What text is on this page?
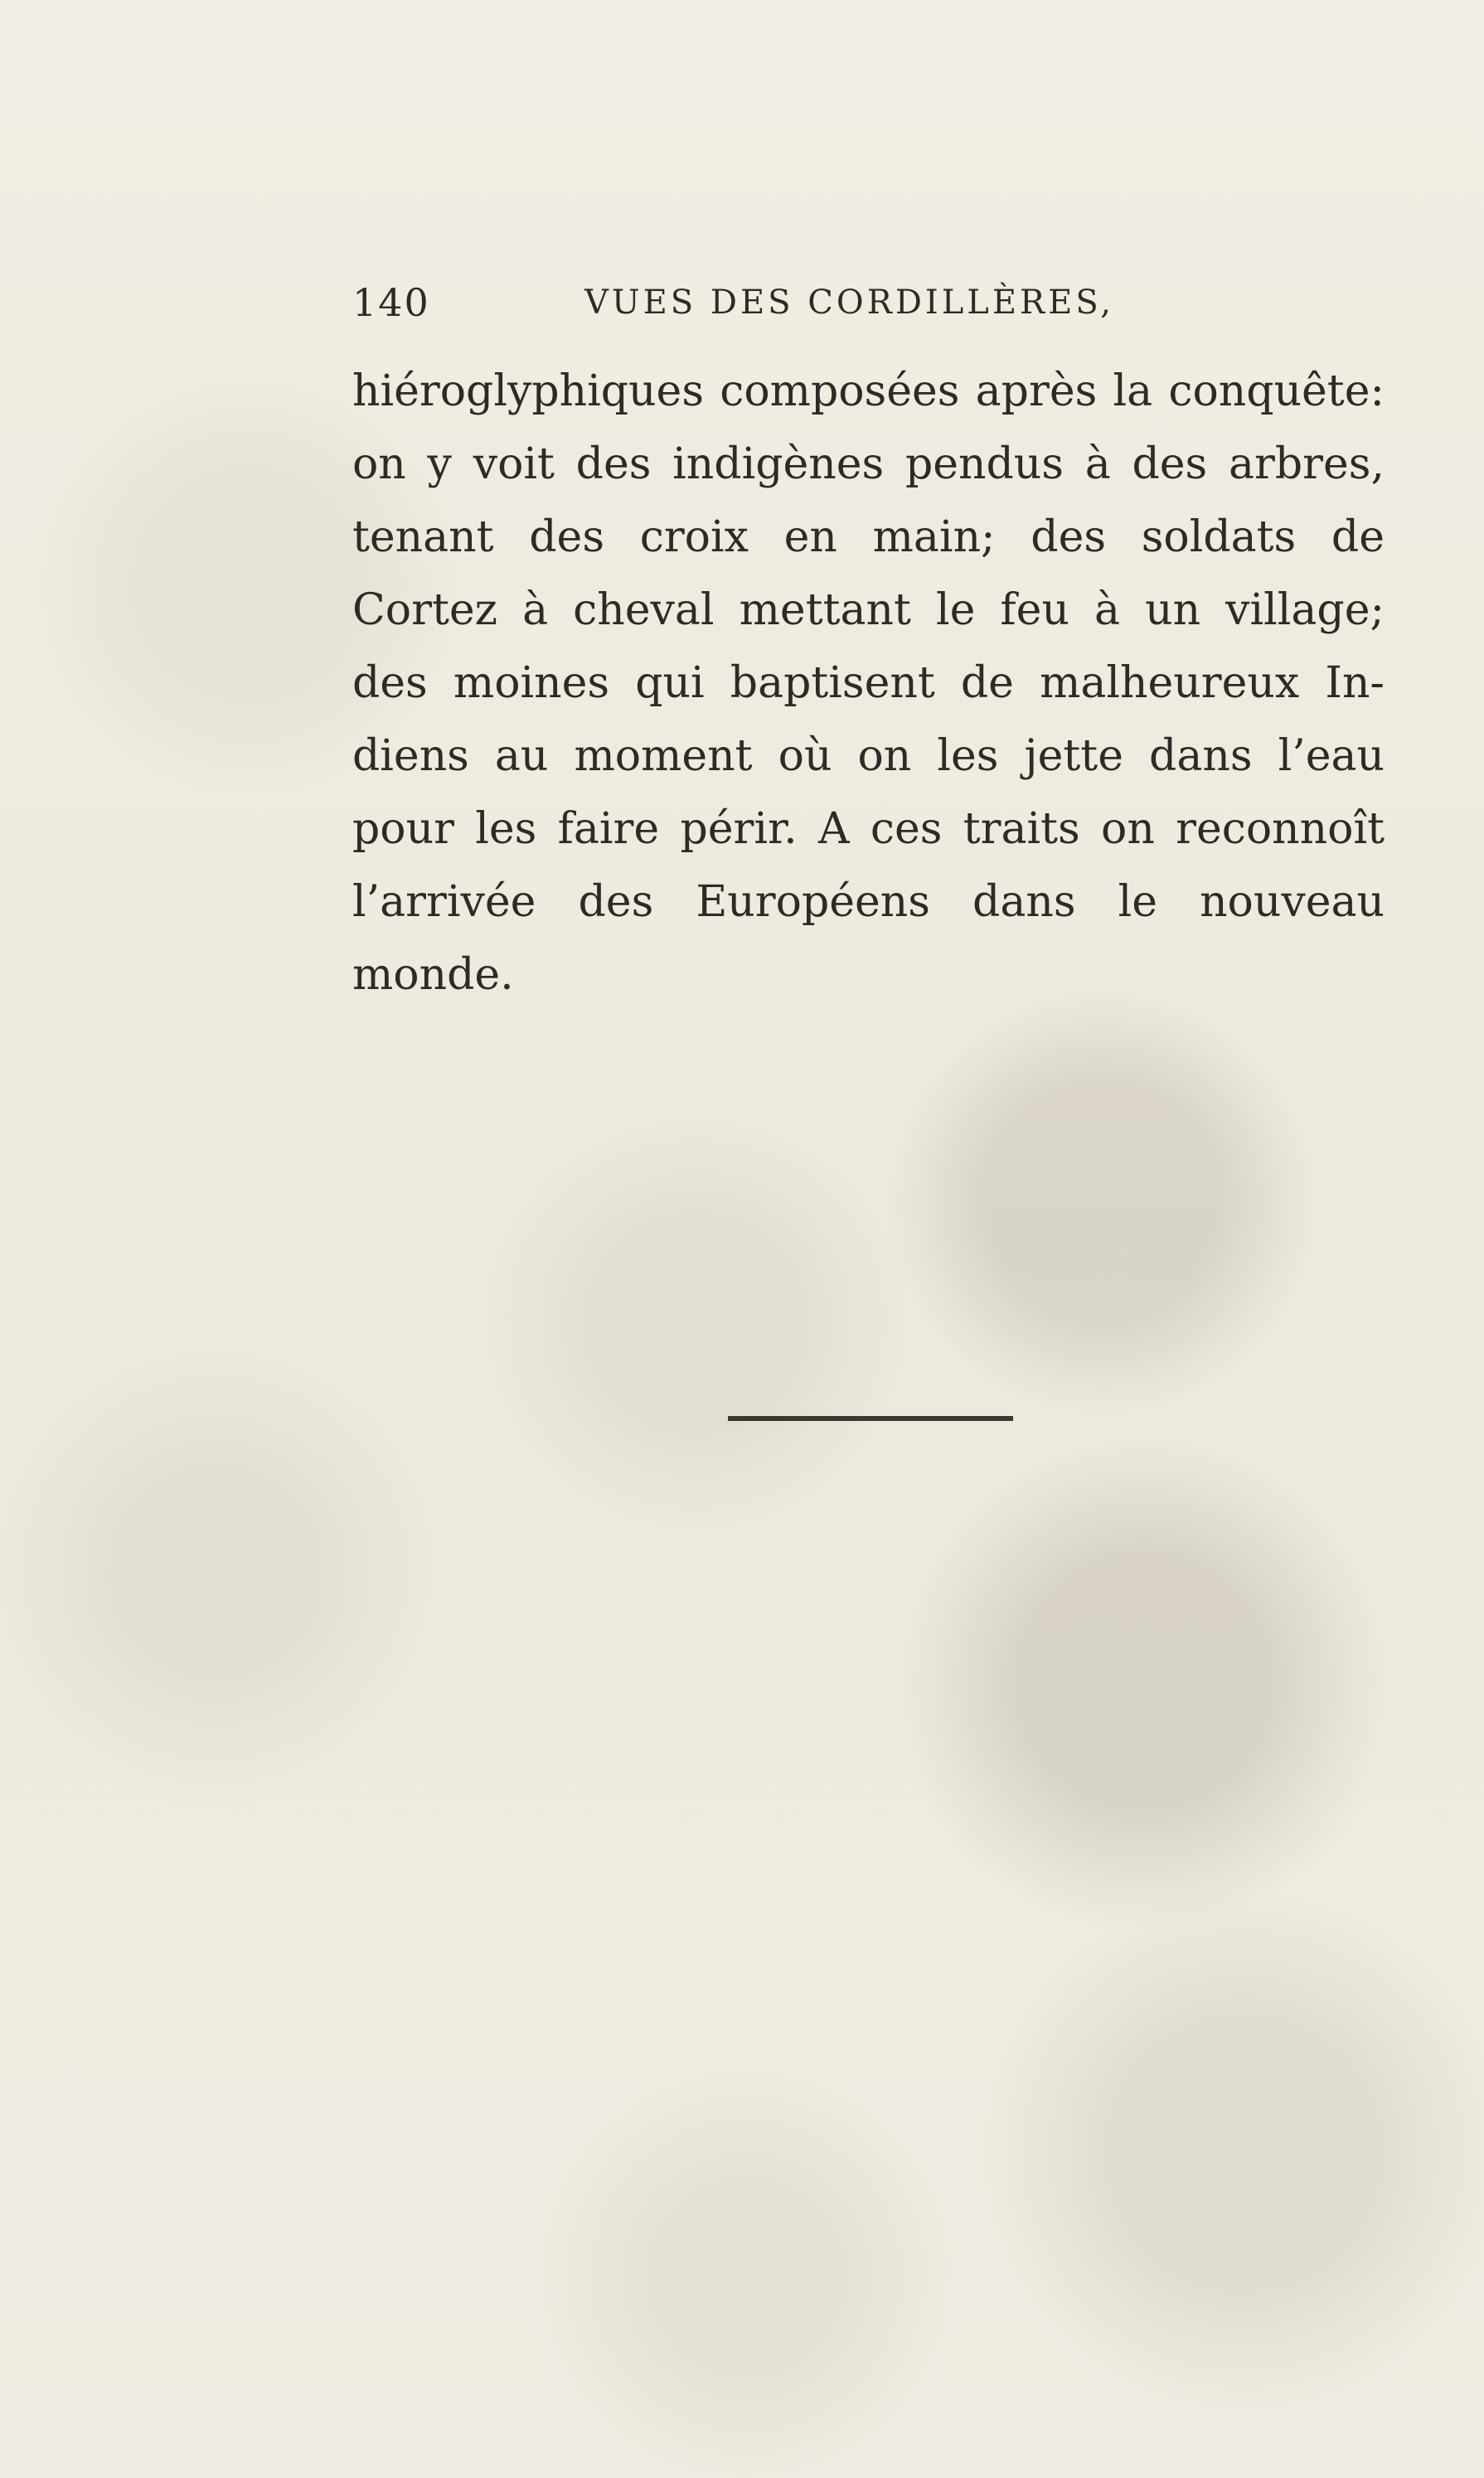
140	VUES DES CORDILLÈRES,
hiéroglyphiques composées après la conquête:
on y voit des indigènes pendus à des arbres,
tenant des croix en main; des soldats de
Cortez à cheval mettant le feu à un village;
des moines qui baptisent de malheureux In-
diens au moment où on les jette dans l’eau
pour les faire périr. A ces traits on reconnoît
l’arrivée des Européens dans le nouveau
monde.
